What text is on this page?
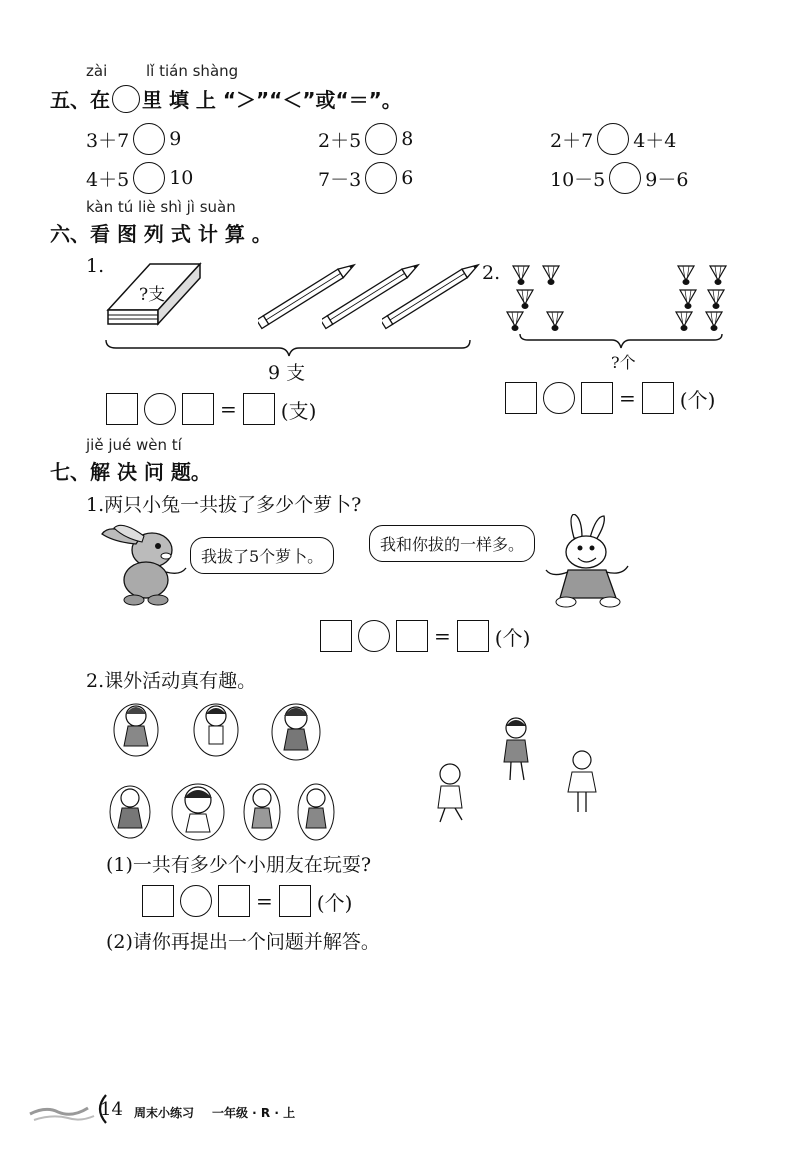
zài	lǐ tián shàng
五、 在 里 填 上 “＞”“＜”或“＝”。
3＋7 9	2＋5 8	2＋7 4＋4
4＋5 10	7－3 6	10－5 9－6
kàn tú liè shì jì suàn
六、看 图 列 式 计 算 。
1.
?支
9 支
= (支)
2.
?个
= (个)
jiě jué wèn tí
七、解 决 问 题。
1.两只小兔一共拔了多少个萝卜?
我拔了5个萝卜。
我和你拔的一样多。
= (个)
2.课外活动真有趣。
(1)一共有多少个小朋友在玩耍?
= (个)
(2)请你再提出一个问题并解答。
14 周末小练习 一年级 · R · 上
